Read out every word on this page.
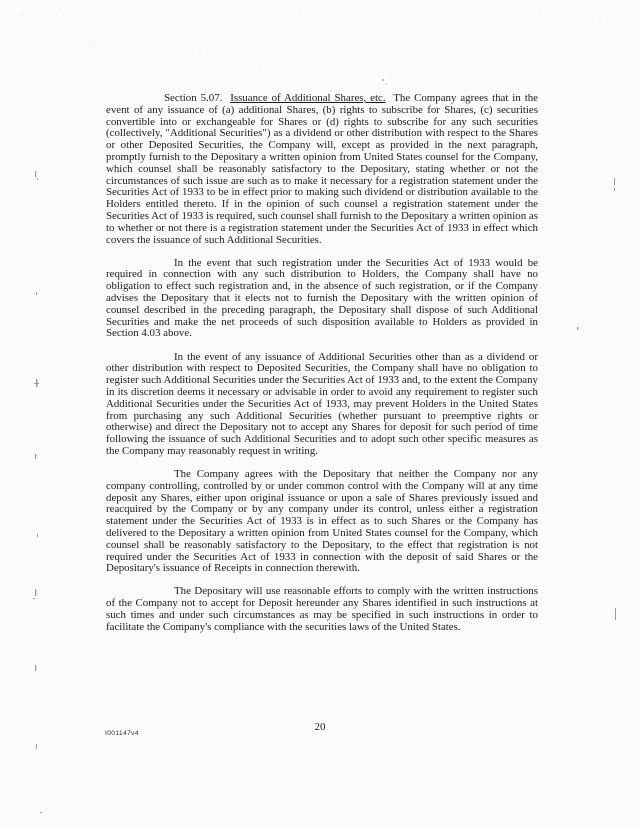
Section 5.07. Issuance of Additional Shares, etc. The Company agrees that in the event of any issuance of (a) additional Shares, (b) rights to subscribe for Shares, (c) securities convertible into or exchangeable for Shares or (d) rights to subscribe for any such securities (collectively, "Additional Securities") as a dividend or other distribution with respect to the Shares or other Deposited Securities, the Company will, except as provided in the next paragraph, promptly furnish to the Depositary a written opinion from United States counsel for the Company, which counsel shall be reasonably satisfactory to the Depositary, stating whether or not the circumstances of such issue are such as to make it necessary for a registration statement under the Securities Act of 1933 to be in effect prior to making such dividend or distribution available to the Holders entitled thereto. If in the opinion of such counsel a registration statement under the Securities Act of 1933 is required, such counsel shall furnish to the Depositary a written opinion as to whether or not there is a registration statement under the Securities Act of 1933 in effect which covers the issuance of such Additional Securities.

In the event that such registration under the Securities Act of 1933 would be required in connection with any such distribution to Holders, the Company shall have no obligation to effect such registration and, in the absence of such registration, or if the Company advises the Depositary that it elects not to furnish the Depositary with the written opinion of counsel described in the preceding paragraph, the Depositary shall dispose of such Additional Securities and make the net proceeds of such disposition available to Holders as provided in Section 4.03 above.

In the event of any issuance of Additional Securities other than as a dividend or other distribution with respect to Deposited Securities, the Company shall have no obligation to register such Additional Securities under the Securities Act of 1933 and, to the extent the Company in its discretion deems it necessary or advisable in order to avoid any requirement to register such Additional Securities under the Securities Act of 1933, may prevent Holders in the United States from purchasing any such Additional Securities (whether pursuant to preemptive rights or otherwise) and direct the Depositary not to accept any Shares for deposit for such period of time following the issuance of such Additional Securities and to adopt such other specific measures as the Company may reasonably request in writing.

The Company agrees with the Depositary that neither the Company nor any company controlling, controlled by or under common control with the Company will at any time deposit any Shares, either upon original issuance or upon a sale of Shares previously issued and reacquired by the Company or by any company under its control, unless either a registration statement under the Securities Act of 1933 is in effect as to such Shares or the Company has delivered to the Depositary a written opinion from United States counsel for the Company, which counsel shall be reasonably satisfactory to the Depositary, to the effect that registration is not required under the Securities Act of 1933 in connection with the deposit of said Shares or the Depositary's issuance of Receipts in connection therewith.

The Depositary will use reasonable efforts to comply with the written instructions of the Company not to accept for Deposit hereunder any Shares identified in such instructions at such times and under such circumstances as may be specified in such instructions in order to facilitate the Company's compliance with the securities laws of the United States.

20
I001147v4
